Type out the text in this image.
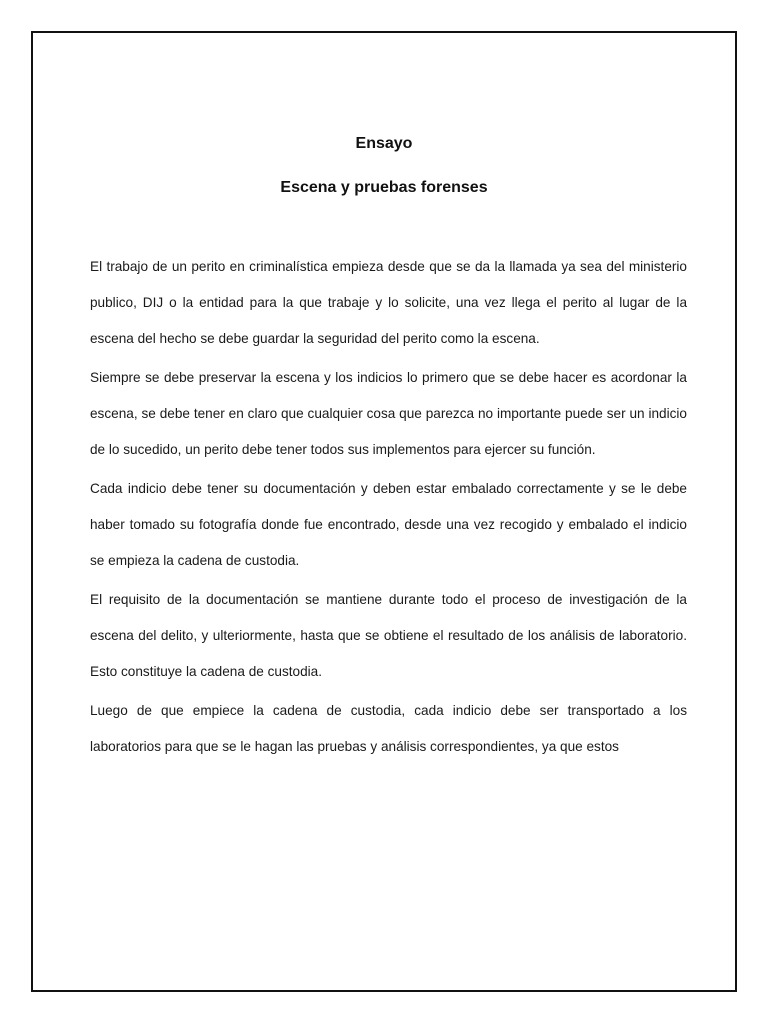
Ensayo
Escena y pruebas forenses

El trabajo de un perito en criminalística empieza desde que se da la llamada ya sea del ministerio publico, DIJ o la entidad para la que trabaje y lo solicite, una vez llega el perito al lugar de la escena del hecho se debe guardar la seguridad del perito como la escena.

Siempre se debe preservar la escena y los indicios lo primero que se debe hacer es acordonar la escena, se debe tener en claro que cualquier cosa que parezca no importante puede ser un indicio de lo sucedido, un perito debe tener todos sus implementos para ejercer su función.

Cada indicio debe tener su documentación y deben estar embalado correctamente y se le debe haber tomado su fotografía donde fue encontrado, desde una vez recogido y embalado el indicio se empieza la cadena de custodia.

El requisito de la documentación se mantiene durante todo el proceso de investigación de la escena del delito, y ulteriormente, hasta que se obtiene el resultado de los análisis de laboratorio. Esto constituye la cadena de custodia.

Luego de que empiece la cadena de custodia, cada indicio debe ser transportado a los laboratorios para que se le hagan las pruebas y análisis correspondientes, ya que estos
